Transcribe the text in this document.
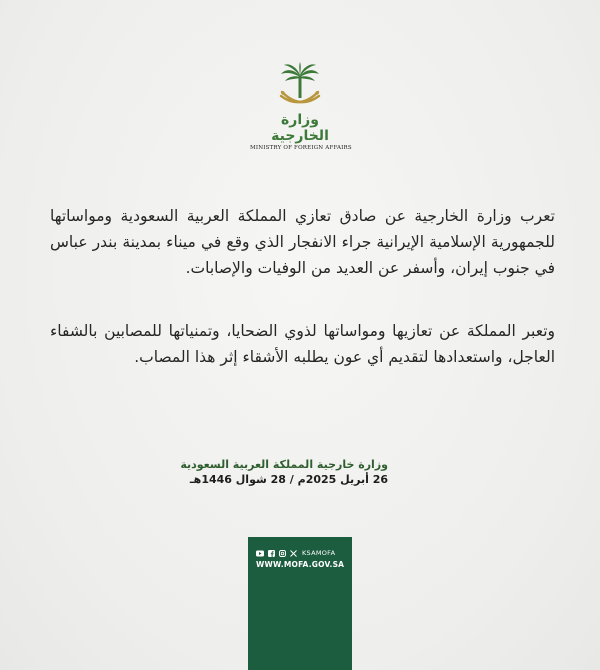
وزارة الخارجية
MINISTRY OF FOREIGN AFFAIRS
تعرب وزارة الخارجية عن صادق تعازي المملكة العربية السعودية ومواساتها للجمهورية الإسلامية الإيرانية جراء الانفجار الذي وقع في ميناء بمدينة بندر عباس في جنوب إيران، وأسفر عن العديد من الوفيات والإصابات.
وتعبر المملكة عن تعازيها ومواساتها لذوي الضحايا، وتمنياتها للمصابين بالشفاء العاجل، واستعدادها لتقديم أي عون يطلبه الأشقاء إثر هذا المصاب.
وزارة خارجية المملكة العربية السعودية
26 أبريل 2025م / 28 شوال 1446هـ
KSAMOFA
WWW.MOFA.GOV.SA
